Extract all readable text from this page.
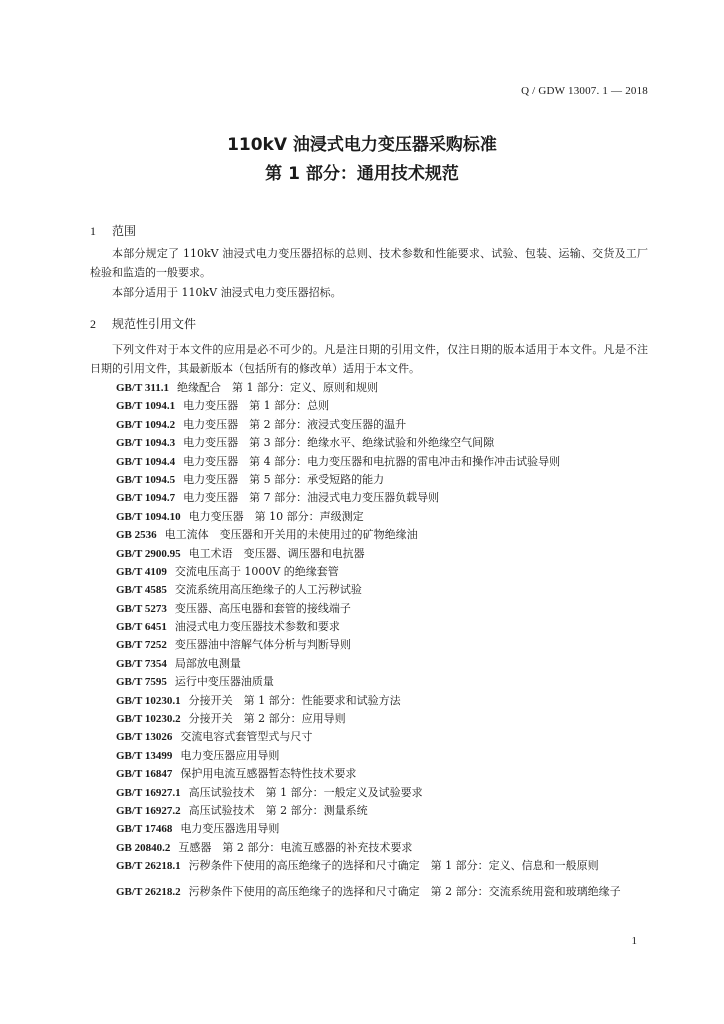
Q / GDW 13007. 1 — 2018
110kV 油浸式电力变压器采购标准
第 1 部分：通用技术规范
1 范围
本部分规定了 110kV 油浸式电力变压器招标的总则、技术参数和性能要求、试验、包装、运输、交货及工厂检验和监造的一般要求。
本部分适用于 110kV 油浸式电力变压器招标。
2 规范性引用文件
下列文件对于本文件的应用是必不可少的。凡是注日期的引用文件，仅注日期的版本适用于本文件。凡是不注日期的引用文件，其最新版本（包括所有的修改单）适用于本文件。
GB/T 311.1 绝缘配合　第 1 部分：定义、原则和规则
GB/T 1094.1 电力变压器　第 1 部分：总则
GB/T 1094.2 电力变压器　第 2 部分：液浸式变压器的温升
GB/T 1094.3 电力变压器　第 3 部分：绝缘水平、绝缘试验和外绝缘空气间隙
GB/T 1094.4 电力变压器　第 4 部分：电力变压器和电抗器的雷电冲击和操作冲击试验导则
GB/T 1094.5 电力变压器　第 5 部分：承受短路的能力
GB/T 1094.7 电力变压器　第 7 部分：油浸式电力变压器负载导则
GB/T 1094.10 电力变压器　第 10 部分：声级测定
GB 2536 电工流体　变压器和开关用的未使用过的矿物绝缘油
GB/T 2900.95 电工术语　变压器、调压器和电抗器
GB/T 4109 交流电压高于 1000V 的绝缘套管
GB/T 4585 交流系统用高压绝缘子的人工污秽试验
GB/T 5273 变压器、高压电器和套管的接线端子
GB/T 6451 油浸式电力变压器技术参数和要求
GB/T 7252 变压器油中溶解气体分析与判断导则
GB/T 7354 局部放电测量
GB/T 7595 运行中变压器油质量
GB/T 10230.1 分接开关　第 1 部分：性能要求和试验方法
GB/T 10230.2 分接开关　第 2 部分：应用导则
GB/T 13026 交流电容式套管型式与尺寸
GB/T 13499 电力变压器应用导则
GB/T 16847 保护用电流互感器暂态特性技术要求
GB/T 16927.1 高压试验技术　第 1 部分：一般定义及试验要求
GB/T 16927.2 高压试验技术　第 2 部分：测量系统
GB/T 17468 电力变压器选用导则
GB 20840.2 互感器　第 2 部分：电流互感器的补充技术要求
GB/T 26218.1 污秽条件下使用的高压绝缘子的选择和尺寸确定　第 1 部分：定义、信息和一般原则
GB/T 26218.2 污秽条件下使用的高压绝缘子的选择和尺寸确定　第 2 部分：交流系统用瓷和玻璃绝缘子
1
